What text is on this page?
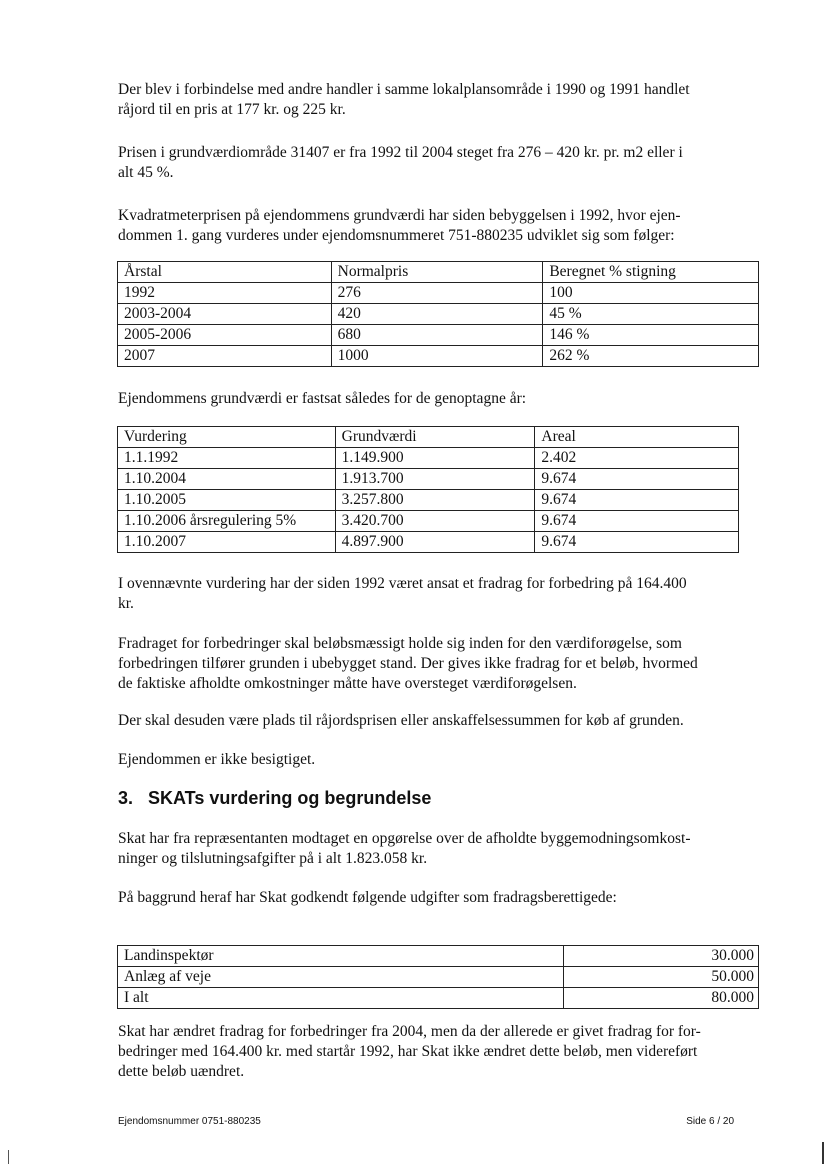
Der blev i forbindelse med andre handler i samme lokalplansområde i 1990 og 1991 handlet
råjord til en pris at 177 kr. og 225 kr.

Prisen i grundværdiområde 31407 er fra 1992 til 2004 steget fra 276 – 420 kr. pr. m2 eller i
alt 45 %.

Kvadratmeterprisen på ejendommens grundværdi har siden bebyggelsen i 1992, hvor ejen-
dommen 1. gang vurderes under ejendomsnummeret 751-880235 udviklet sig som følger:

Årstal	Normalpris	Beregnet % stigning
1992	276	100
2003-2004	420	45 %
2005-2006	680	146 %
2007	1000	262 %

Ejendommens grundværdi er fastsat således for de genoptagne år:

Vurdering	Grundværdi	Areal
1.1.1992	1.149.900	2.402
1.10.2004	1.913.700	9.674
1.10.2005	3.257.800	9.674
1.10.2006 årsregulering 5%	3.420.700	9.674
1.10.2007	4.897.900	9.674

I ovennævnte vurdering har der siden 1992 været ansat et fradrag for forbedring på 164.400
kr.

Fradraget for forbedringer skal beløbsmæssigt holde sig inden for den værdiforøgelse, som
forbedringen tilfører grunden i ubebygget stand. Der gives ikke fradrag for et beløb, hvormed
de faktiske afholdte omkostninger måtte have oversteget værdiforøgelsen.

Der skal desuden være plads til råjordsprisen eller anskaffelsessummen for køb af grunden.

Ejendommen er ikke besigtiget.

3. SKATs vurdering og begrundelse

Skat har fra repræsentanten modtaget en opgørelse over de afholdte byggemodningsomkost-
ninger og tilslutningsafgifter på i alt 1.823.058 kr.

På baggrund heraf har Skat godkendt følgende udgifter som fradragsberettigede:

Landinspektør	30.000
Anlæg af veje	50.000
I alt	80.000

Skat har ændret fradrag for forbedringer fra 2004, men da der allerede er givet fradrag for for-
bedringer med 164.400 kr. med startår 1992, har Skat ikke ændret dette beløb, men videreført
dette beløb uændret.

Ejendomsnummer 0751-880235	Side 6 / 20
